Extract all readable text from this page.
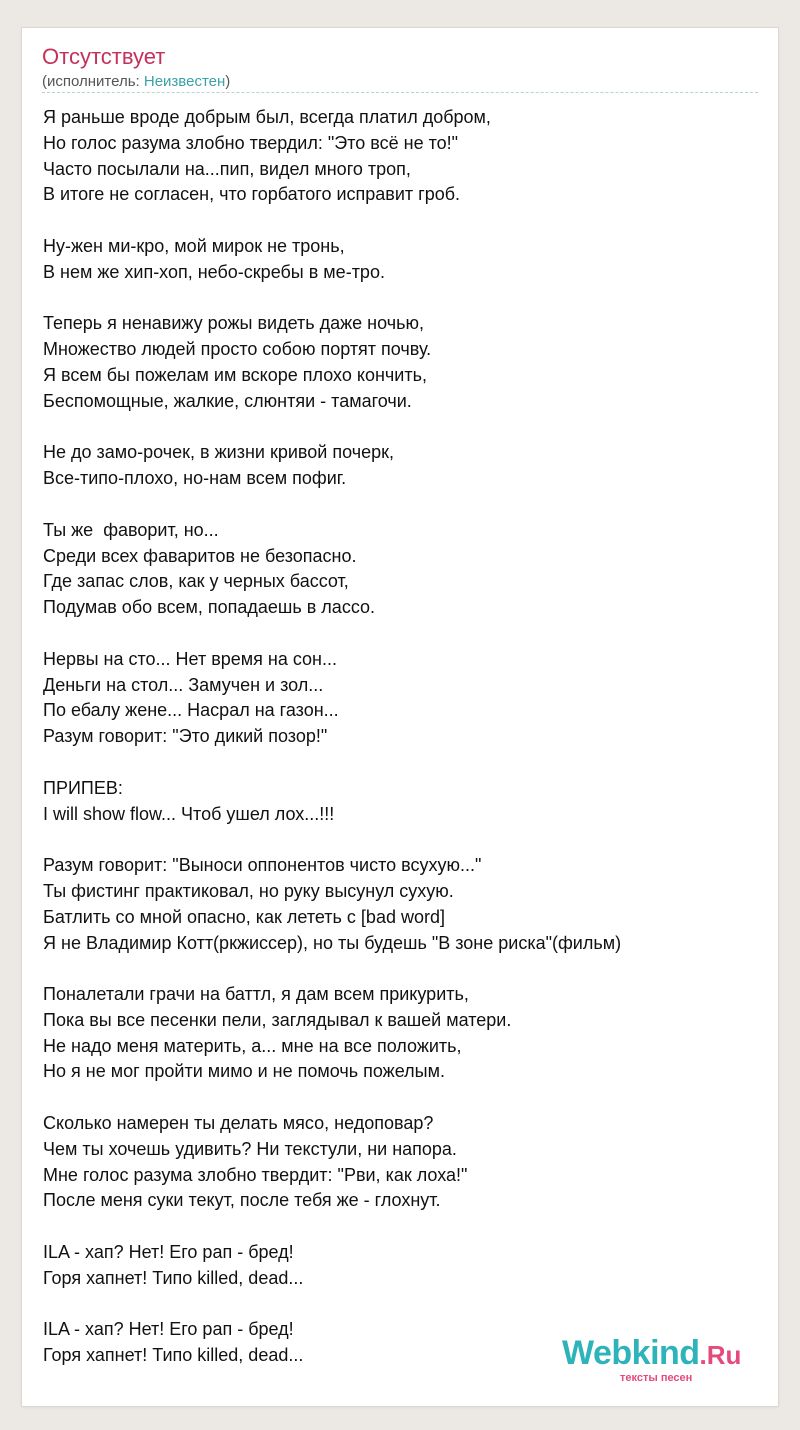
Отсутствует
(исполнитель: Неизвестен)
Я раньше вроде добрым был, всегда платил добром,
Но голос разума злобно твердил: "Это всё не то!"
Часто посылали на...пип, видел много троп,
В итоге не согласен, что горбатого исправит гроб.
Ну-жен ми-кро, мой мирок не тронь,
В нем же хип-хоп, небо-скребы в ме-тро.
Теперь я ненавижу рожы видеть даже ночью,
Множество людей просто собою портят почву.
Я всем бы пожелам им вскоре плохо кончить,
Беспомощные, жалкие, слюнтяи - тамагочи.
Не до замо-рочек, в жизни кривой почерк,
Все-типо-плохо, но-нам всем пофиг.
Ты же  фаворит, но...
Среди всех фаваритов не безопасно.
Где запас слов, как у черных бассот,
Подумав обо всем, попадаешь в лассо.
Нервы на сто... Нет время на сон...
Деньги на стол... Замучен и зол...
По ебалу жене... Насрал на газон...
Разум говорит: "Это дикий позор!"
ПРИПЕВ:
I will show flow... Чтоб ушел лох...!!!
Разум говорит: "Выноси оппонентов чисто всухую..."
Ты фистинг практиковал, но руку высунул сухую.
Батлить со мной опасно, как лететь с [bad word]
Я не Владимир Котт(ркжиссер), но ты будешь "В зоне риска"(фильм)
Поналетали грачи на баттл, я дам всем прикурить,
Пока вы все песенки пели, заглядывал к вашей матери.
Не надо меня материть, а... мне на все положить,
Но я не мог пройти мимо и не помочь пожелым.
Сколько намерен ты делать мясо, недоповар?
Чем ты хочешь удивить? Ни текстули, ни напора.
Мне голос разума злобно твердит: "Рви, как лоха!"
После меня суки текут, после тебя же - глохнут.
ILA - хап? Нет! Его рап - бред!
Горя хапнет! Типо killed, dead...
ILA - хап? Нет! Его рап - бред!
Горя хапнет! Типо killed, dead...	Webkind.Ru
тексты песен
